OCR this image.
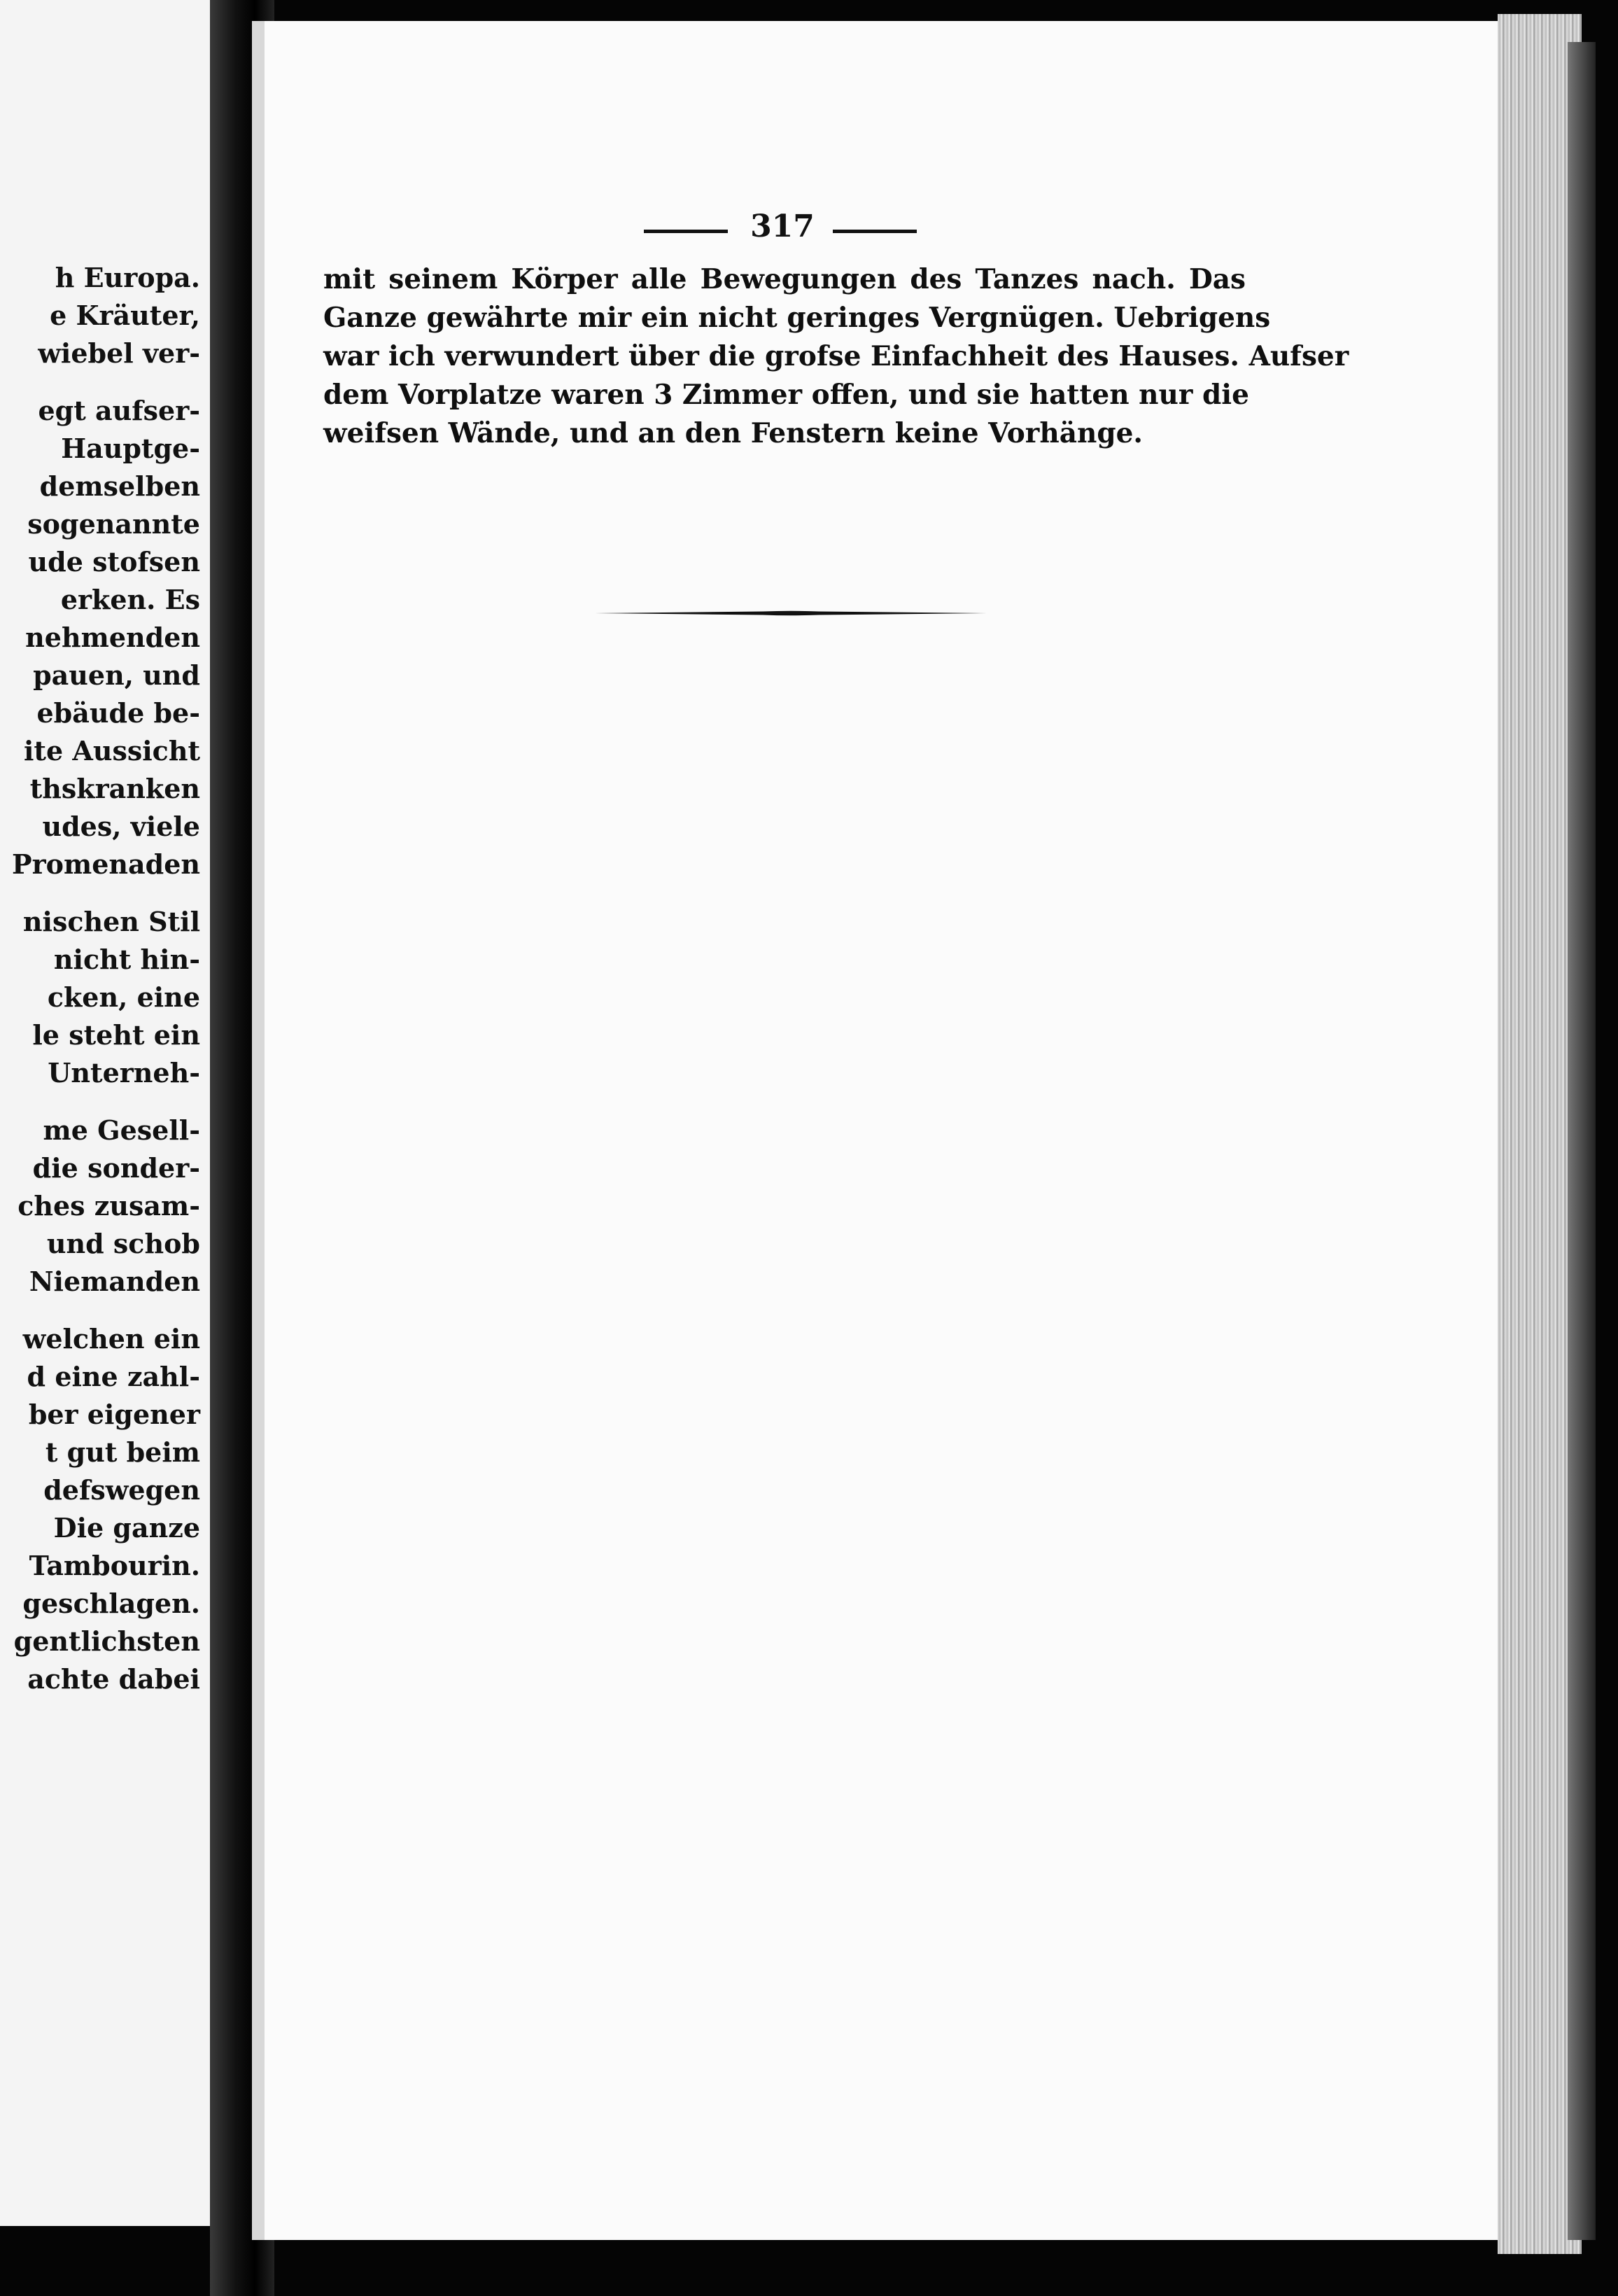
h Europa.
e Kräuter,
wiebel ver-
egt aufser-
Hauptge-
demselben
sogenannte
ude stofsen
erken. Es
nehmenden
pauen, und
ebäude be-
ite Aussicht
thskranken
udes, viele
Promenaden
nischen Stil
nicht hin-
cken, eine
le steht ein
Unterneh-
me Gesell-
die sonder-
ches zusam-
und schob
Niemanden
welchen ein
d eine zahl-
ber eigener
t gut beim
defswegen
Die ganze
Tambourin.
geschlagen.
gentlichsten
achte dabei
317
mit seinem Körper alle Bewegungen des Tanzes nach. Das
Ganze gewährte mir ein nicht geringes Vergnügen. Uebrigens
war ich verwundert über die grofse Einfachheit des Hauses. Aufser
dem Vorplatze waren 3 Zimmer offen, und sie hatten nur die
weifsen Wände, und an den Fenstern keine Vorhänge.
